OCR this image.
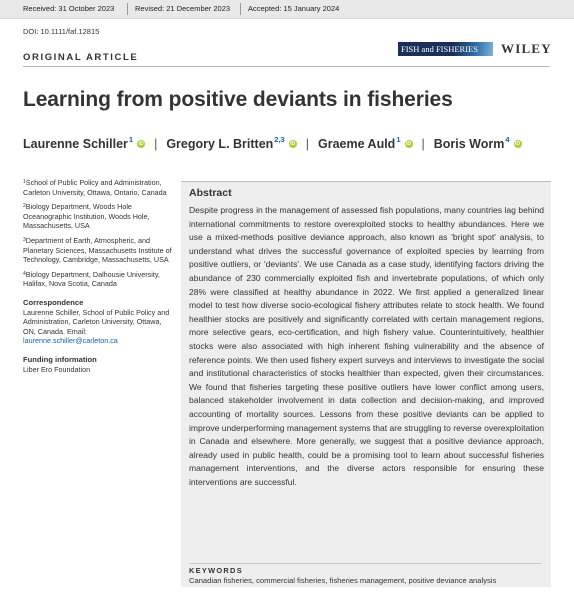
Received: 31 October 2023	Revised: 21 December 2023 Accepted: 15 January 2024
DOI: 10.1111/faf.12815
ORIGINAL ARTICLE
FISH and FISHERIES WILEY
Learning from positive deviants in fisheries
Laurenne Schiller$^1$ iD | Gregory L. Britten$^{2,3}$ iD | Graeme Auld$^1$ iD | Boris Worm$^4$ iD
$^1$School of Public Policy and Administration, Carleton University, Ottawa, Ontario, Canada
$^2$Biology Department, Woods Hole Oceanographic Institution, Woods Hole, Massachusetts, USA
$^3$Department of Earth, Atmospheric, and Planetary Sciences, Massachusetts Institute of Technology, Cambridge, Massachusetts, USA
$^4$Biology Department, Dalhousie University, Halifax, Nova Scotia, Canada
Correspondence
Laurenne Schiller, School of Public Policy and Administration, Carleton University, Ottawa, ON, Canada. Email: laurenne.schiller@carleton.ca
Funding information
Liber Ero Foundation
Abstract
Despite progress in the management of assessed fish populations, many countries lag behind international commitments to restore overexploited stocks to healthy abundances. Here we use a mixed-methods positive deviance approach, also known as 'bright spot' analysis, to understand what drives the successful governance of exploited species by learning from positive outliers, or 'deviants'. We use Canada as a case study, identifying factors driving the abundance of 230 commercially exploited fish and invertebrate populations, of which only 28% were classified at healthy abundance in 2022. We first applied a generalized linear model to test how diverse socio-ecological fishery attributes relate to stock health. We found healthier stocks are positively and significantly correlated with certain management regions, more selective gears, eco-certification, and high fishery value. Counterintuitively, healthier stocks were also associated with high inherent fishing vulnerability and the absence of reference points. We then used fishery expert surveys and interviews to investigate the social and institutional characteristics of stocks healthier than expected, given their circumstances. We found that fisheries targeting these positive outliers have lower conflict among users, balanced stakeholder involvement in data collection and decision-making, and improved accounting of mortality sources. Lessons from these positive deviants can be applied to improve underperforming management systems that are struggling to reverse overexploitation in Canada and elsewhere. More generally, we suggest that a positive deviance approach, already used in public health, could be a promising tool to learn about successful fisheries management interventions, and the diverse actors responsible for ensuring these interventions are successful.
KEYWORDS
Canadian fisheries, commercial fisheries, fisheries management, positive deviance analysis
